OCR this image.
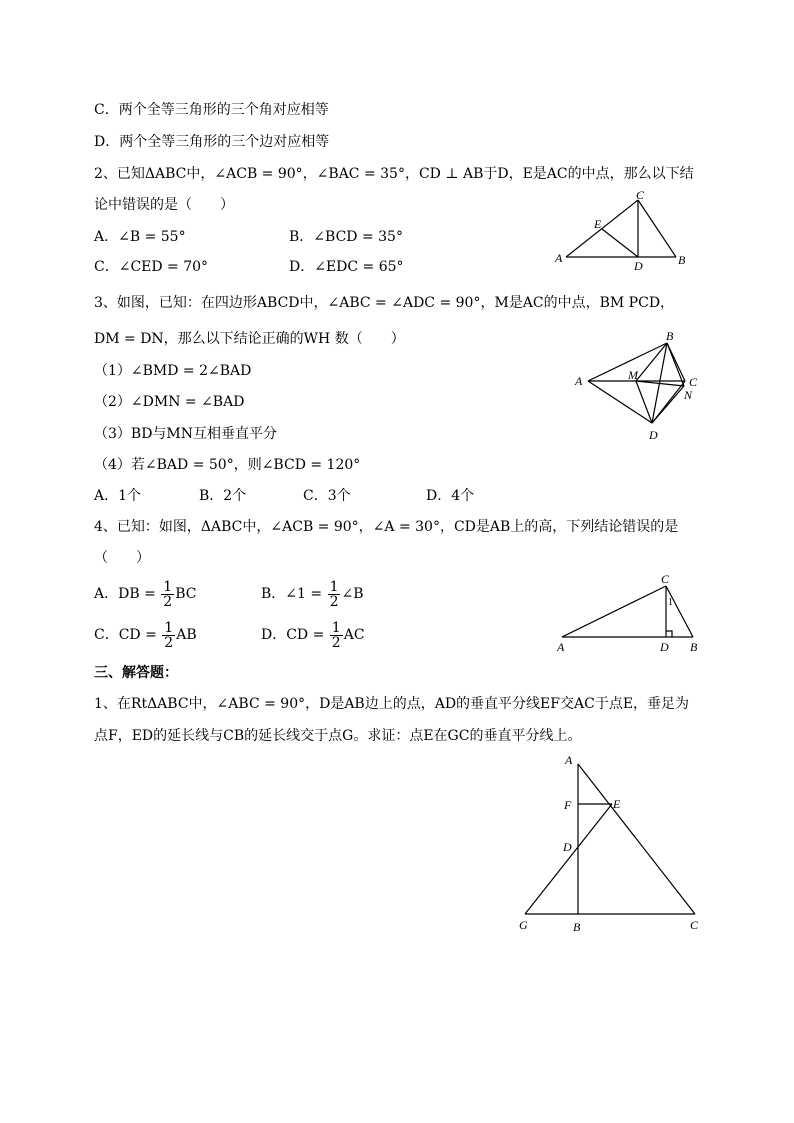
C．两个全等三角形的三个角对应相等
D．两个全等三角形的三个边对应相等
2、已知ΔABC中，∠ACB = 90°，∠BAC = 35°，CD ⊥ AB于D，E是AC的中点，那么以下结
论中错误的是（　　）
A．∠B = 55°	B．∠BCD = 35°
C．∠CED = 70°	D．∠EDC = 65°
C
E
A
D	B
3、如图，已知：在四边形ABCD中，∠ABC = ∠ADC = 90°，M是AC的中点，BM PCD，
DM = DN，那么以下结论正确的WH 数（　　）
（1）∠BMD = 2∠BAD
（2）∠DMN = ∠BAD
（3）BD与MN互相垂直平分
（4）若∠BAD = 50°，则∠BCD = 120°
A．1个	B．2个	C．3个	D．4个
B
A	M	C
N
D
4、已知：如图，ΔABC中，∠ACB = 90°，∠A = 30°，CD是AB上的高，下列结论错误的是
（　　）
A．DB = $\frac{1}{2}$ BC	B．∠1 = $\frac{1}{2}$ ∠B
C．CD = $\frac{1}{2}$ AB	D．CD = $\frac{1}{2}$ AC
C
1
A	D B
三、解答题：
1、在RtΔABC中，∠ABC = 90°，D是AB边上的点，AD的垂直平分线EF交AC于点E，垂足为
点F，ED的延长线与CB的延长线交于点G。求证：点E在GC的垂直平分线上。
A
F	E
D
G	B	C
